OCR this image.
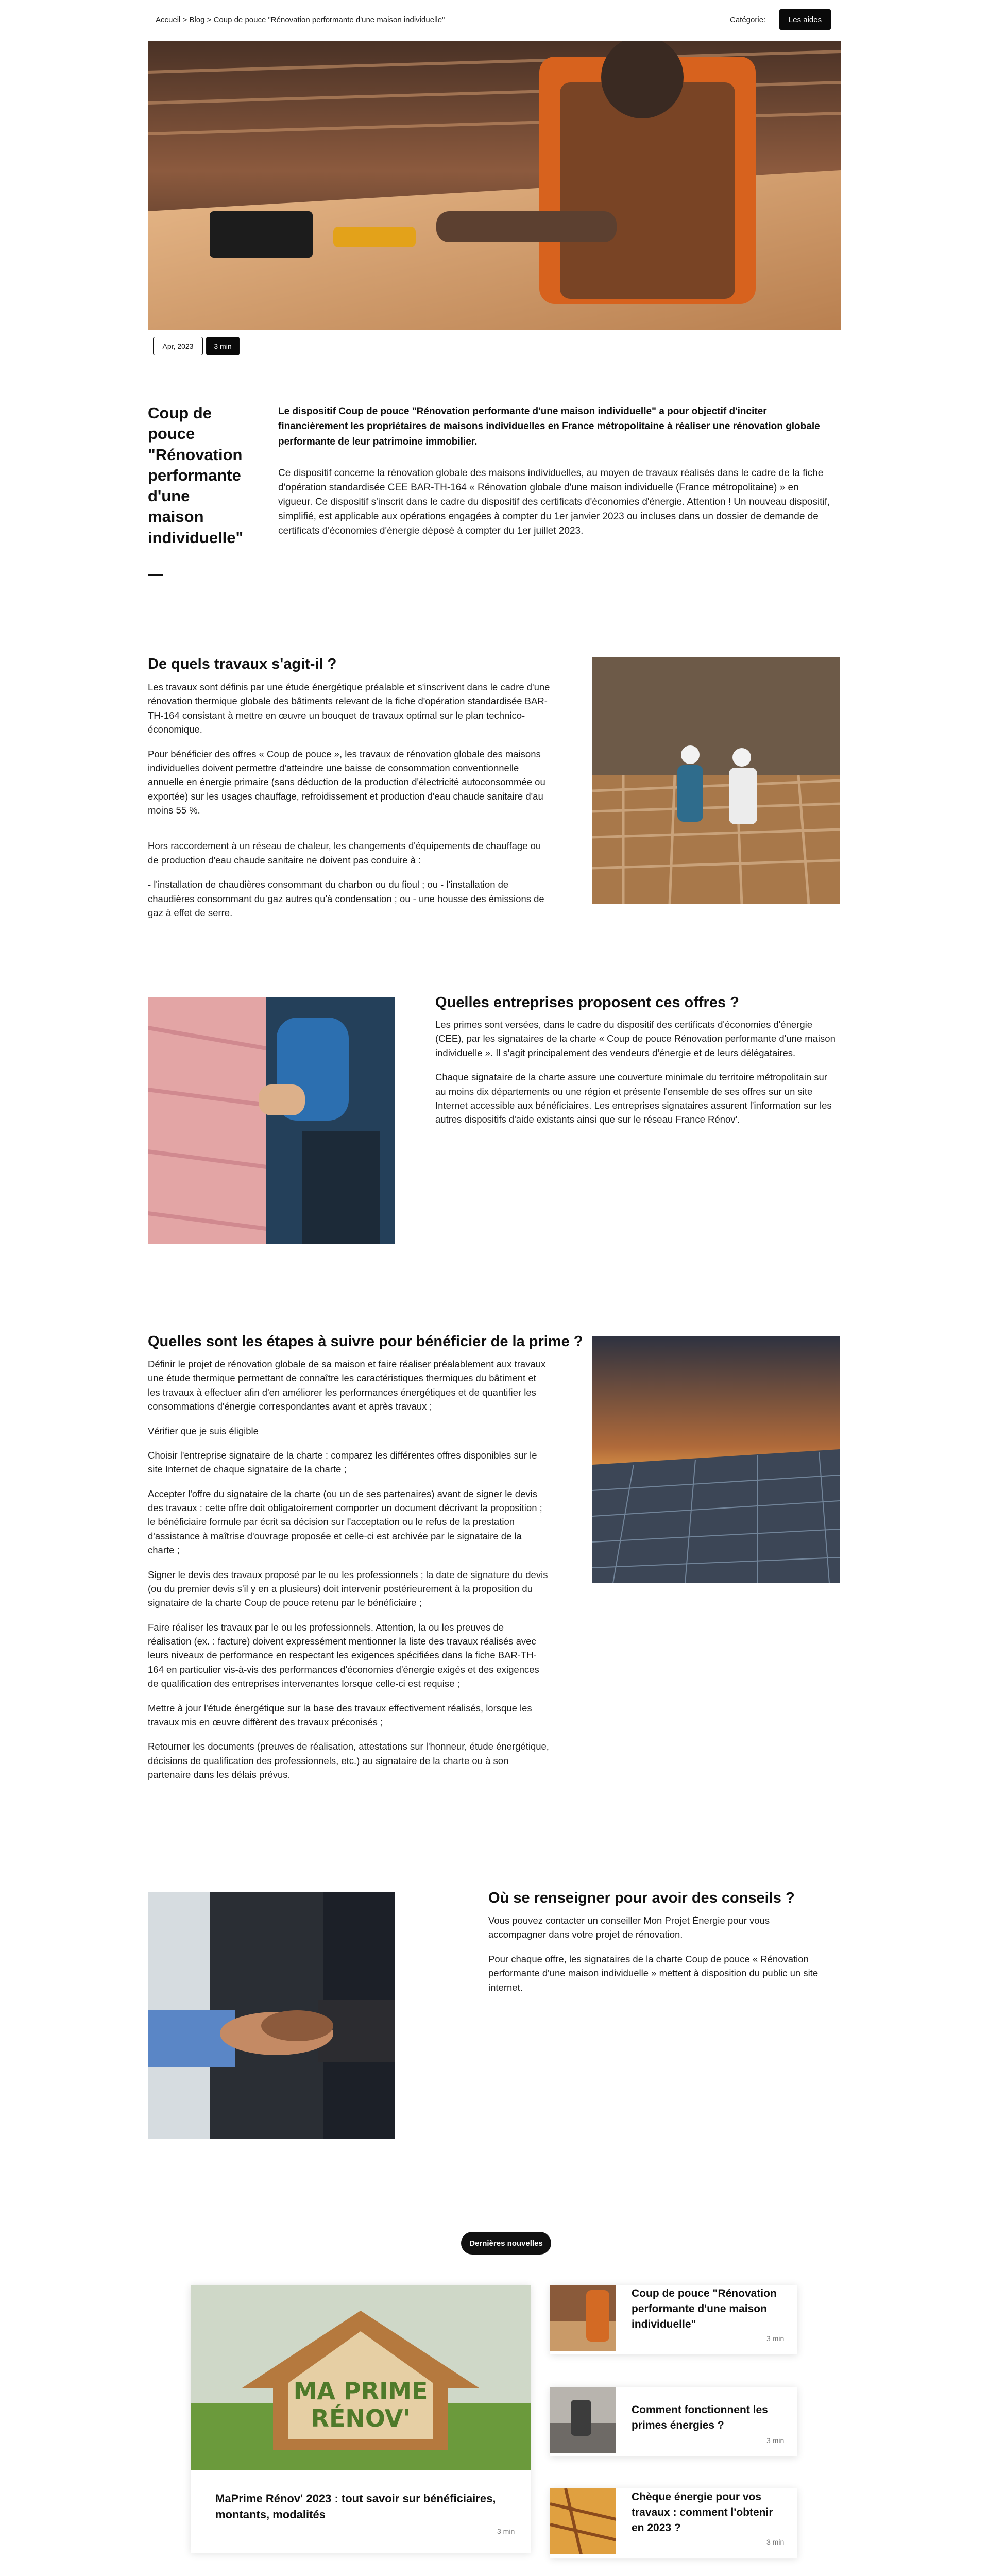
Accueil > Blog > Coup de pouce "Rénovation performante d'une maison individuelle"	Catégorie:	Les aides
Apr, 2023	3 min
Coup de pouce "Rénovation performante d'une maison individuelle"
Le dispositif Coup de pouce "Rénovation performante d'une maison individuelle" a pour objectif d'inciter financièrement les propriétaires de maisons individuelles en France métropolitaine à réaliser une rénovation globale performante de leur patrimoine immobilier.
Ce dispositif concerne la rénovation globale des maisons individuelles, au moyen de travaux réalisés dans le cadre de la fiche d'opération standardisée CEE BAR-TH-164 « Rénovation globale d'une maison individuelle (France métropolitaine) » en vigueur. Ce dispositif s'inscrit dans le cadre du dispositif des certificats d'économies d'énergie. Attention ! Un nouveau dispositif, simplifié, est applicable aux opérations engagées à compter du 1er janvier 2023 ou incluses dans un dossier de demande de certificats d'économies d'énergie déposé à compter du 1er juillet 2023.
De quels travaux s'agit-il ?

Les travaux sont définis par une étude énergétique préalable et s'inscrivent dans le cadre d'une rénovation thermique globale des bâtiments relevant de la fiche d'opération standardisée BAR-TH-164 consistant à mettre en œuvre un bouquet de travaux optimal sur le plan technico-économique.

Pour bénéficier des offres « Coup de pouce », les travaux de rénovation globale des maisons individuelles doivent permettre d'atteindre une baisse de consommation conventionnelle annuelle en énergie primaire (sans déduction de la production d'électricité autoconsommée ou exportée) sur les usages chauffage, refroidissement et production d'eau chaude sanitaire d'au moins 55 %.

Hors raccordement à un réseau de chaleur, les changements d'équipements de chauffage ou de production d'eau chaude sanitaire ne doivent pas conduire à :

- l'installation de chaudières consommant du charbon ou du fioul ; ou - l'installation de chaudières consommant du gaz autres qu'à condensation ; ou - une housse des émissions de gaz à effet de serre.

Quelles entreprises proposent ces offres ?

Les primes sont versées, dans le cadre du dispositif des certificats d'économies d'énergie (CEE), par les signataires de la charte « Coup de pouce Rénovation performante d'une maison individuelle ». Il s'agit principalement des vendeurs d'énergie et de leurs délégataires.

Chaque signataire de la charte assure une couverture minimale du territoire métropolitain sur au moins dix départements ou une région et présente l'ensemble de ses offres sur un site Internet accessible aux bénéficiaires. Les entreprises signataires assurent l'information sur les autres dispositifs d'aide existants ainsi que sur le réseau France Rénov'.

Quelles sont les étapes à suivre pour bénéficier de la prime ?

Définir le projet de rénovation globale de sa maison et faire réaliser préalablement aux travaux une étude thermique permettant de connaître les caractéristiques thermiques du bâtiment et les travaux à effectuer afin d'en améliorer les performances énergétiques et de quantifier les consommations d'énergie correspondantes avant et après travaux ;

Vérifier que je suis éligible

Choisir l'entreprise signataire de la charte : comparez les différentes offres disponibles sur le site Internet de chaque signataire de la charte ;

Accepter l'offre du signataire de la charte (ou un de ses partenaires) avant de signer le devis des travaux : cette offre doit obligatoirement comporter un document décrivant la proposition ; le bénéficiaire formule par écrit sa décision sur l'acceptation ou le refus de la prestation d'assistance à maîtrise d'ouvrage proposée et celle-ci est archivée par le signataire de la charte ;

Signer le devis des travaux proposé par le ou les professionnels ; la date de signature du devis (ou du premier devis s'il y en a plusieurs) doit intervenir postérieurement à la proposition du signataire de la charte Coup de pouce retenu par le bénéficiaire ;

Faire réaliser les travaux par le ou les professionnels. Attention, la ou les preuves de réalisation (ex. : facture) doivent expressément mentionner la liste des travaux réalisés avec leurs niveaux de performance en respectant les exigences spécifiées dans la fiche BAR-TH-164 en particulier vis-à-vis des performances d'économies d'énergie exigés et des exigences de qualification des entreprises intervenantes lorsque celle-ci est requise ;

Mettre à jour l'étude énergétique sur la base des travaux effectivement réalisés, lorsque les travaux mis en œuvre diffèrent des travaux préconisés ;

Retourner les documents (preuves de réalisation, attestations sur l'honneur, étude énergétique, décisions de qualification des professionnels, etc.) au signataire de la charte ou à son partenaire dans les délais prévus.

Où se renseigner pour avoir des conseils ?

Vous pouvez contacter un conseiller Mon Projet Énergie pour vous accompagner dans votre projet de rénovation.

Pour chaque offre, les signataires de la charte Coup de pouce « Rénovation performante d'une maison individuelle » mettent à disposition du public un site internet.

Dernières nouvelles
MA PRIME RÉNOV'
MaPrime Rénov' 2023 : tout savoir sur bénéficiaires, montants, modalités
3 min
Coup de pouce "Rénovation performante d'une maison individuelle"
3 min
Comment fonctionnent les primes énergies ?
3 min
Chèque énergie pour vos travaux : comment l'obtenir en 2023 ?
3 min
